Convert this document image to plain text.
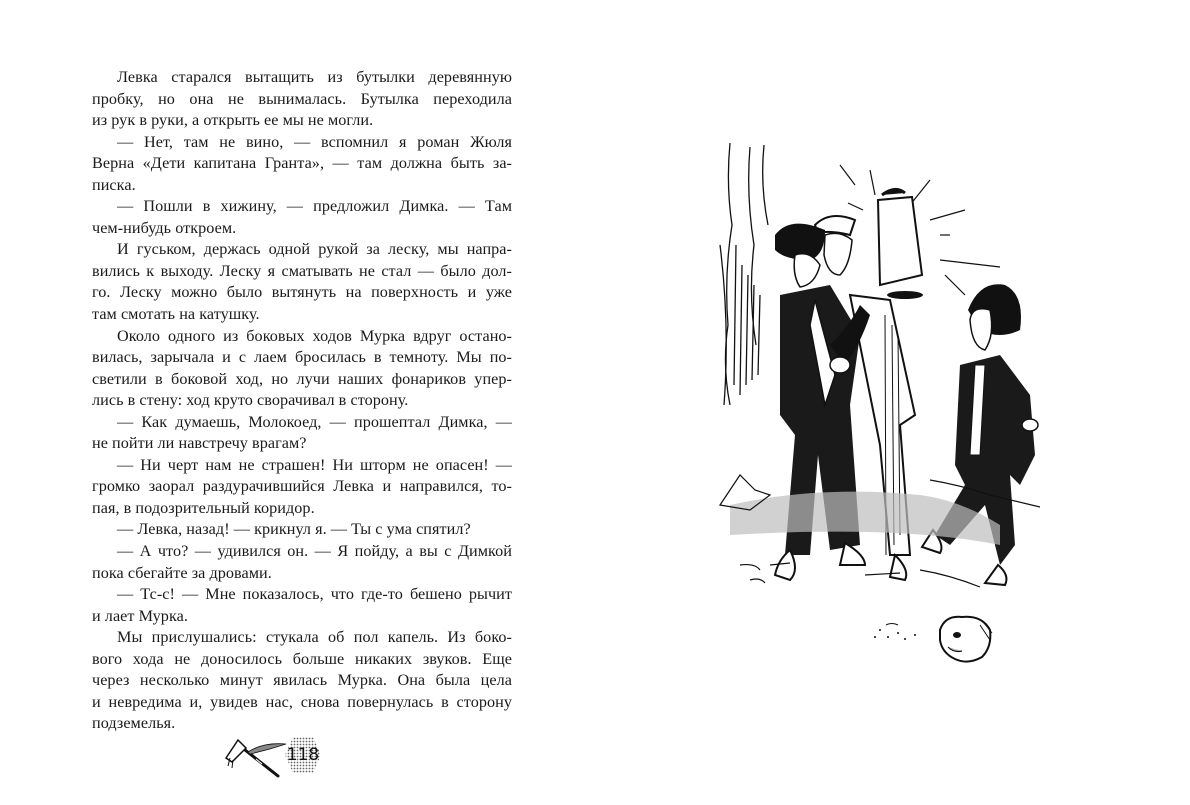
Левка старался вытащить из бутылки деревянную
пробку, но она не вынималась. Бутылка переходила
из рук в руки, а открыть ее мы не могли.
— Нет, там не вино, — вспомнил я роман Жюля
Верна «Дети капитана Гранта», — там должна быть за-
писка.
— Пошли в хижину, — предложил Димка. — Там
чем-нибудь откроем.
И гуськом, держась одной рукой за леску, мы напра-
вились к выходу. Леску я сматывать не стал — было дол-
го. Леску можно было вытянуть на поверхность и уже
там смотать на катушку.
Около одного из боковых ходов Мурка вдруг остано-
вилась, зарычала и с лаем бросилась в темноту. Мы по-
светили в боковой ход, но лучи наших фонариков упер-
лись в стену: ход круто сворачивал в сторону.
— Как думаешь, Молокоед, — прошептал Димка, —
не пойти ли навстречу врагам?
— Ни черт нам не страшен! Ни шторм не опасен! —
громко заорал раздурачившийся Левка и направился, то-
пая, в подозрительный коридор.
— Левка, назад! — крикнул я. — Ты с ума спятил?
— А что? — удивился он. — Я пойду, а вы с Димкой
пока сбегайте за дровами.
— Тс-с! — Мне показалось, что где-то бешено рычит
и лает Мурка.
Мы прислушались: стукала об пол капель. Из боко-
вого хода не доносилось больше никаких звуков. Еще
через несколько минут явилась Мурка. Она была цела
и невредима и, увидев нас, снова повернулась в сторону
подземелья.
118
